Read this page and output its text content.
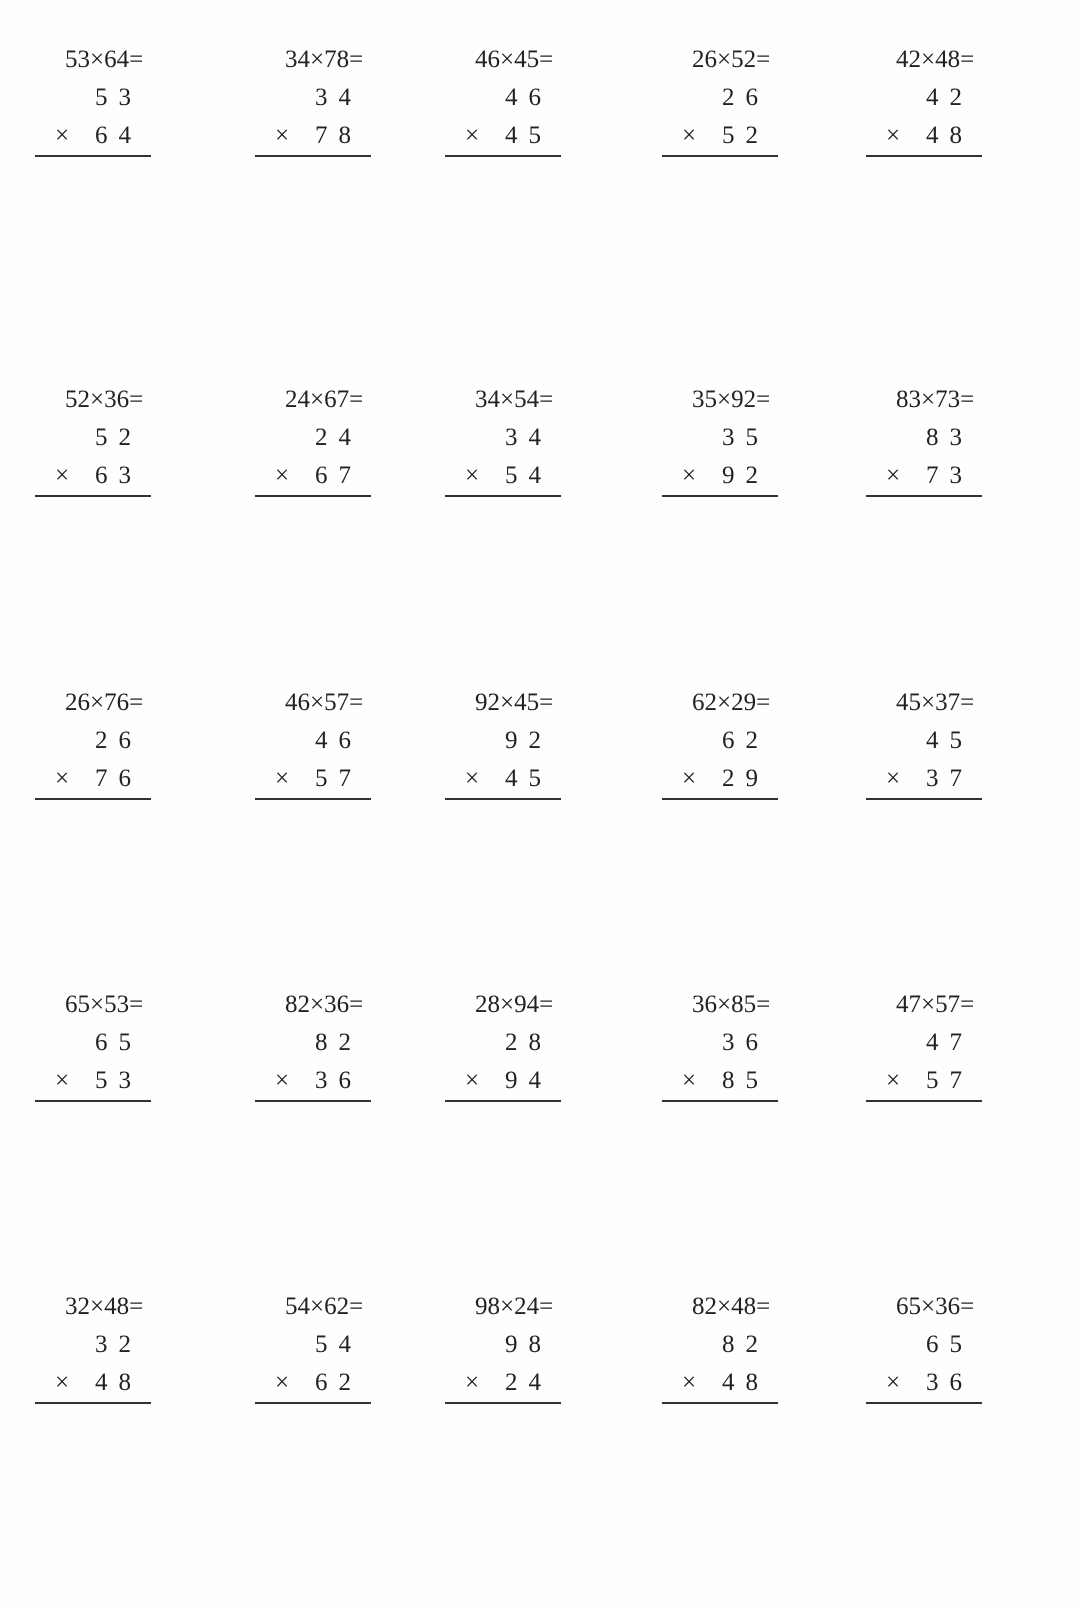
53×64=
53
× 64
34×78=
34
× 78
46×45=
46
× 45
26×52=
26
× 52
42×48=
42
× 48
52×36=
52
× 63
24×67=
24
× 67
34×54=
34
× 54
35×92=
35
× 92
83×73=
83
× 73
26×76=
26
× 76
46×57=
46
× 57
92×45=
92
× 45
62×29=
62
× 29
45×37=
45
× 37
65×53=
65
× 53
82×36=
82
× 36
28×94=
28
× 94
36×85=
36
× 85
47×57=
47
× 57
32×48=
32
× 48
54×62=
54
× 62
98×24=
98
× 24
82×48=
82
× 48
65×36=
65
× 36
